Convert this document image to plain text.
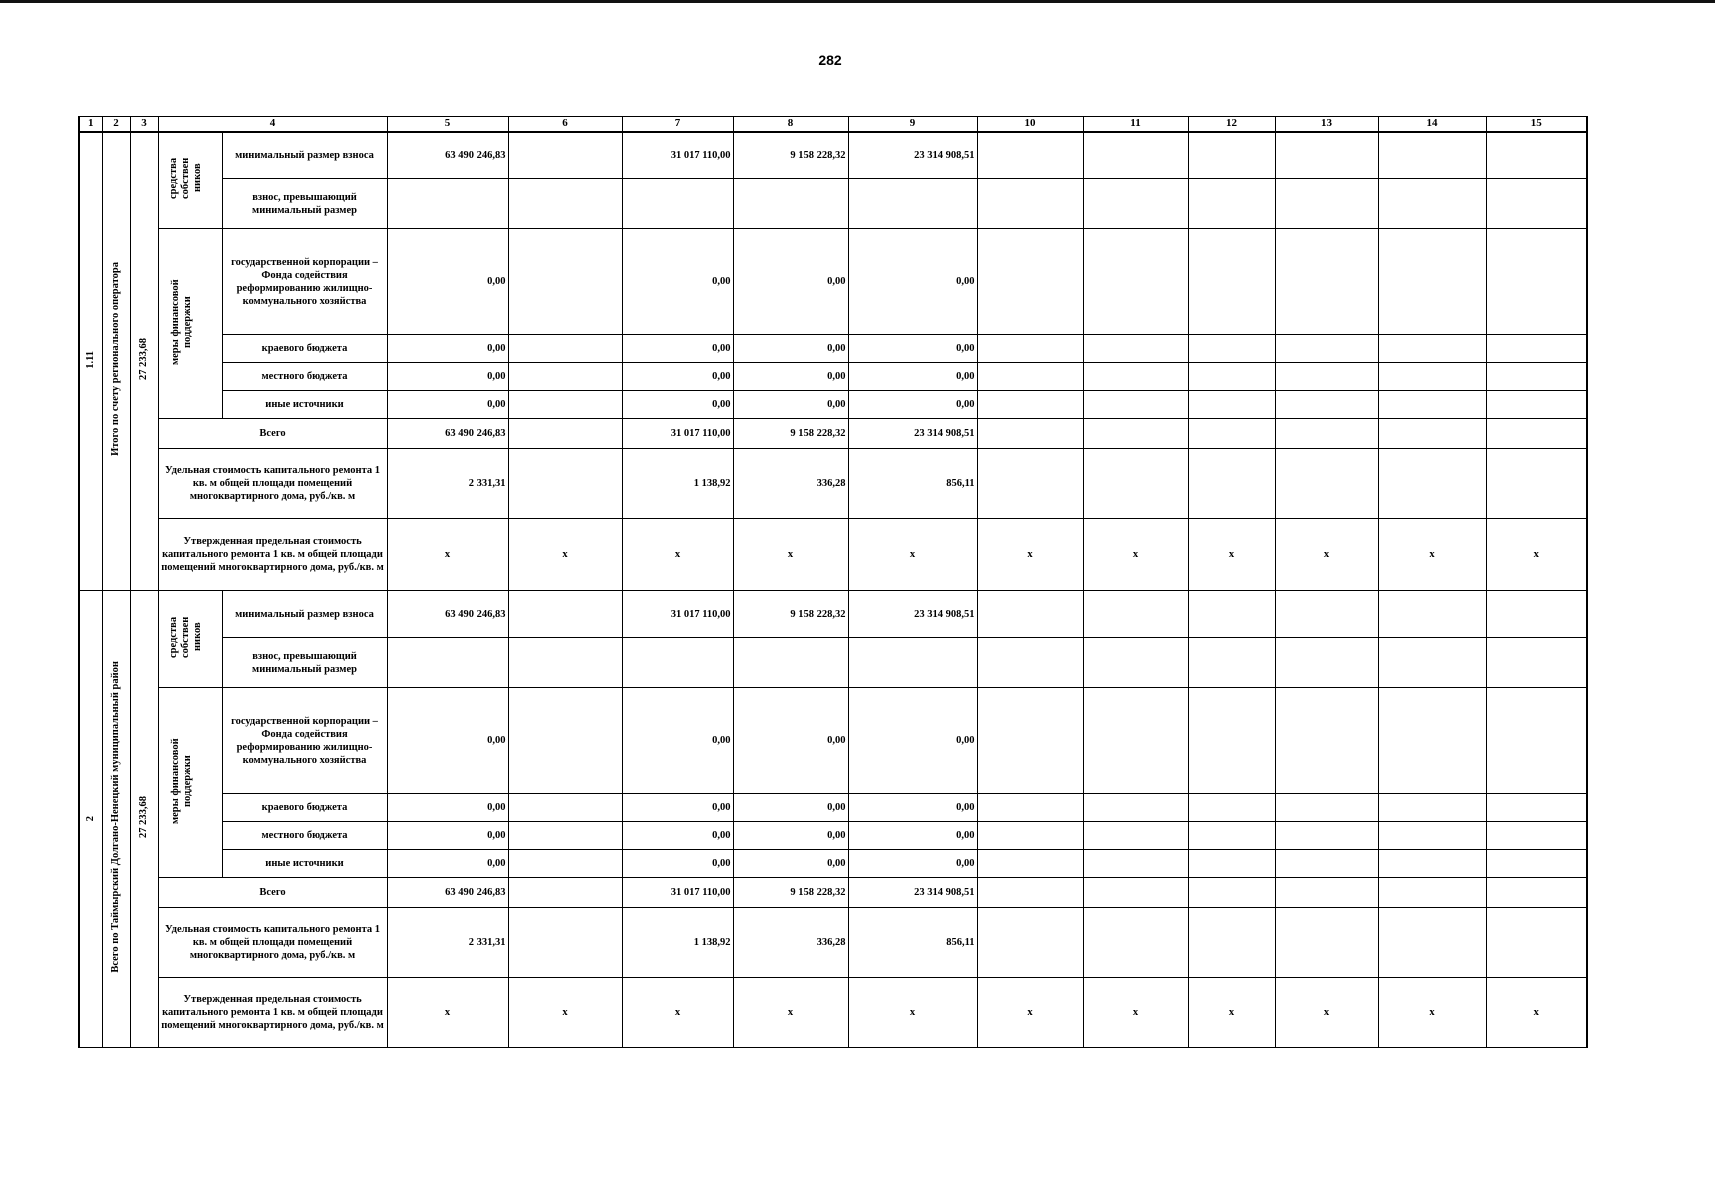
282
1	2	3	4		5	6	7	8	9	10	11	12	13	14	15
1.11	Итого по счету регионального оператора	27 233,68	средства собствен ников	минимальный размер взноса	63 490 246,83		31 017 110,00	9 158 228,32	23 314 908,51						
				взнос, превышающий минимальный размер											
			меры финансовой поддержки	государственной корпорации – Фонда содействия реформированию жилищно-коммунального хозяйства	0,00		0,00	0,00	0,00						
				краевого бюджета	0,00		0,00	0,00	0,00						
				местного бюджета	0,00		0,00	0,00	0,00						
				иные источники	0,00		0,00	0,00	0,00						
			Всего		63 490 246,83		31 017 110,00	9 158 228,32	23 314 908,51						
			Удельная стоимость капитального ремонта 1 кв. м общей площади помещений многоквартирного дома, руб./кв. м		2 331,31		1 138,92	336,28	856,11						
			Утвержденная предельная стоимость капитального ремонта 1 кв. м общей площади помещений многоквартирного дома, руб./кв. м		х	х	х	х	х	х	х	х	х	х	х
2	Всего по Таймырский Долгано-Ненецкий муниципальный район	27 233,68	средства собствен ников	минимальный размер взноса	63 490 246,83		31 017 110,00	9 158 228,32	23 314 908,51						
				взнос, превышающий минимальный размер											
			меры финансовой поддержки	государственной корпорации – Фонда содействия реформированию жилищно-коммунального хозяйства	0,00		0,00	0,00	0,00						
				краевого бюджета	0,00		0,00	0,00	0,00						
				местного бюджета	0,00		0,00	0,00	0,00						
				иные источники	0,00		0,00	0,00	0,00						
			Всего		63 490 246,83		31 017 110,00	9 158 228,32	23 314 908,51						
			Удельная стоимость капитального ремонта 1 кв. м общей площади помещений многоквартирного дома, руб./кв. м		2 331,31		1 138,92	336,28	856,11						
			Утвержденная предельная стоимость капитального ремонта 1 кв. м общей площади помещений многоквартирного дома, руб./кв. м		х	х	х	х	х	х	х	х	х	х	х
